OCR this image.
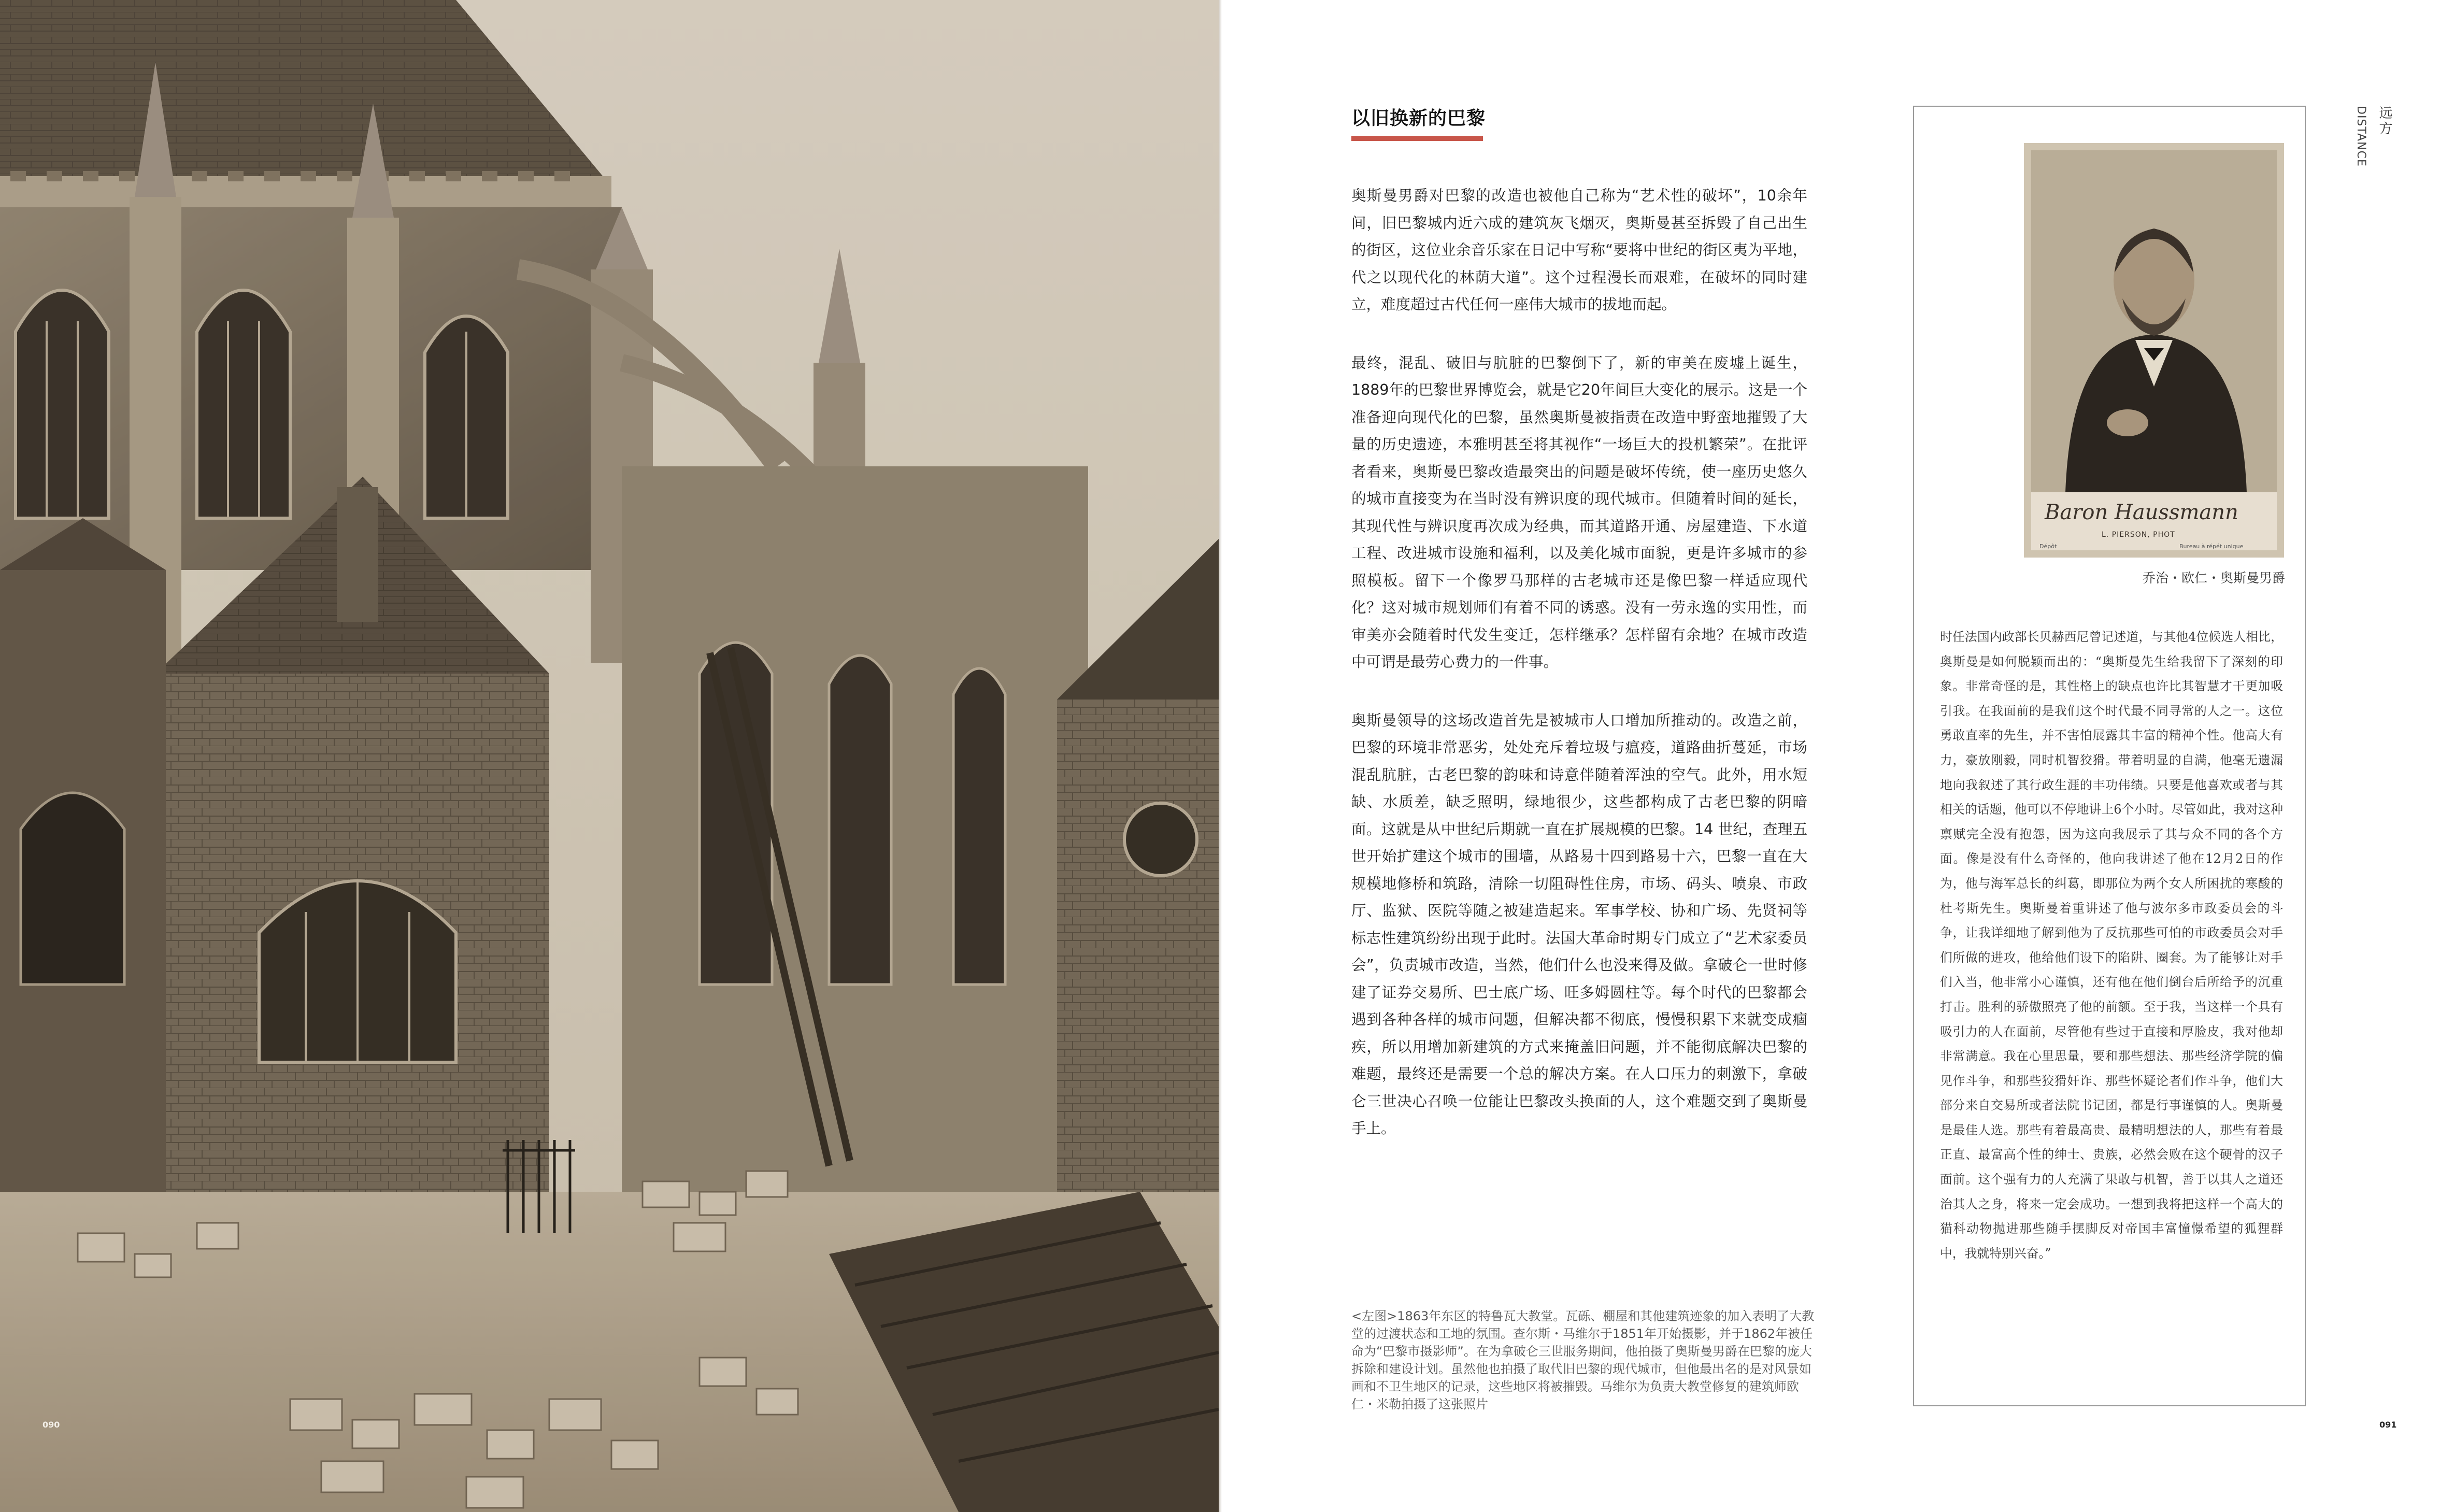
090
以旧换新的巴黎

奥斯曼男爵对巴黎的改造也被他自己称为“艺术性的破坏”，10余年间，旧巴黎城内近六成的建筑灰飞烟灭，奥斯曼甚至拆毁了自己出生的街区，这位业余音乐家在日记中写称“要将中世纪的街区夷为平地，代之以现代化的林荫大道”。这个过程漫长而艰难，在破坏的同时建立，难度超过古代任何一座伟大城市的拔地而起。

最终，混乱、破旧与肮脏的巴黎倒下了，新的审美在废墟上诞生，1889年的巴黎世界博览会，就是它20年间巨大变化的展示。这是一个准备迎向现代化的巴黎，虽然奥斯曼被指责在改造中野蛮地摧毁了大量的历史遗迹，本雅明甚至将其视作“一场巨大的投机繁荣”。在批评者看来，奥斯曼巴黎改造最突出的问题是破坏传统，使一座历史悠久的城市直接变为在当时没有辨识度的现代城市。但随着时间的延长，其现代性与辨识度再次成为经典，而其道路开通、房屋建造、下水道工程、改进城市设施和福利，以及美化城市面貌，更是许多城市的参照模板。留下一个像罗马那样的古老城市还是像巴黎一样适应现代化？这对城市规划师们有着不同的诱惑。没有一劳永逸的实用性，而审美亦会随着时代发生变迁，怎样继承？怎样留有余地？在城市改造中可谓是最劳心费力的一件事。

奥斯曼领导的这场改造首先是被城市人口增加所推动的。改造之前，巴黎的环境非常恶劣，处处充斥着垃圾与瘟疫，道路曲折蔓延，市场混乱肮脏，古老巴黎的韵味和诗意伴随着浑浊的空气。此外，用水短缺、水质差，缺乏照明，绿地很少，这些都构成了古老巴黎的阴暗面。这就是从中世纪后期就一直在扩展规模的巴黎。14 世纪，查理五世开始扩建这个城市的围墙，从路易十四到路易十六，巴黎一直在大规模地修桥和筑路，清除一切阻碍性住房，市场、码头、喷泉、市政厅、监狱、医院等随之被建造起来。军事学校、协和广场、先贤祠等标志性建筑纷纷出现于此时。法国大革命时期专门成立了“艺术家委员会”，负责城市改造，当然，他们什么也没来得及做。拿破仑一世时修建了证券交易所、巴士底广场、旺多姆圆柱等。每个时代的巴黎都会遇到各种各样的城市问题，但解决都不彻底，慢慢积累下来就变成痼疾，所以用增加新建筑的方式来掩盖旧问题，并不能彻底解决巴黎的难题，最终还是需要一个总的解决方案。在人口压力的刺激下，拿破仑三世决心召唤一位能让巴黎改头换面的人，这个难题交到了奥斯曼手上。

<左图>1863年东区的特鲁瓦大教堂。瓦砾、棚屋和其他建筑迹象的加入表明了大教堂的过渡状态和工地的氛围。查尔斯・马维尔于1851年开始摄影，并于1862年被任命为“巴黎市摄影师”。在为拿破仑三世服务期间，他拍摄了奥斯曼男爵在巴黎的庞大拆除和建设计划。虽然他也拍摄了取代旧巴黎的现代城市，但他最出名的是对风景如画和不卫生地区的记录，这些地区将被摧毁。马维尔为负责大教堂修复的建筑师欧仁・米勒拍摄了这张照片
Baron Haussmann
L. PIERSON, PHOT
Dépôt	Bureau à répét unique
乔治・欧仁・奥斯曼男爵
时任法国内政部长贝赫西尼曾记述道，与其他4位候选人相比，奥斯曼是如何脱颖而出的：“奥斯曼先生给我留下了深刻的印象。非常奇怪的是，其性格上的缺点也许比其智慧才干更加吸引我。在我面前的是我们这个时代最不同寻常的人之一。这位勇敢直率的先生，并不害怕展露其丰富的精神个性。他高大有力，豪放刚毅，同时机智狡猾。带着明显的自满，他毫无遗漏地向我叙述了其行政生涯的丰功伟绩。只要是他喜欢或者与其相关的话题，他可以不停地讲上6个小时。尽管如此，我对这种禀赋完全没有抱怨，因为这向我展示了其与众不同的各个方面。像是没有什么奇怪的，他向我讲述了他在12月2日的作为，他与海军总长的纠葛，即那位为两个女人所困扰的寒酸的杜考斯先生。奥斯曼着重讲述了他与波尔多市政委员会的斗争，让我详细地了解到他为了反抗那些可怕的市政委员会对手们所做的进攻，他给他们设下的陷阱、圈套。为了能够让对手们入当，他非常小心谨慎，还有他在他们倒台后所给予的沉重打击。胜利的骄傲照亮了他的前额。至于我，当这样一个具有吸引力的人在面前，尽管他有些过于直接和厚脸皮，我对他却非常满意。我在心里思量，要和那些想法、那些经济学院的偏见作斗争，和那些狡猾奸诈、那些怀疑论者们作斗争，他们大部分来自交易所或者法院书记团，都是行事谨慎的人。奥斯曼是最佳人选。那些有着最高贵、最精明想法的人，那些有着最正直、最富高个性的绅士、贵族，必然会败在这个硬骨的汉子面前。这个强有力的人充满了果敢与机智，善于以其人之道还治其人之身，将来一定会成功。一想到我将把这样一个高大的猫科动物抛进那些随手摆脚反对帝国丰富憧憬希望的狐狸群中，我就特别兴奋。”
DISTANCE 远方
091
